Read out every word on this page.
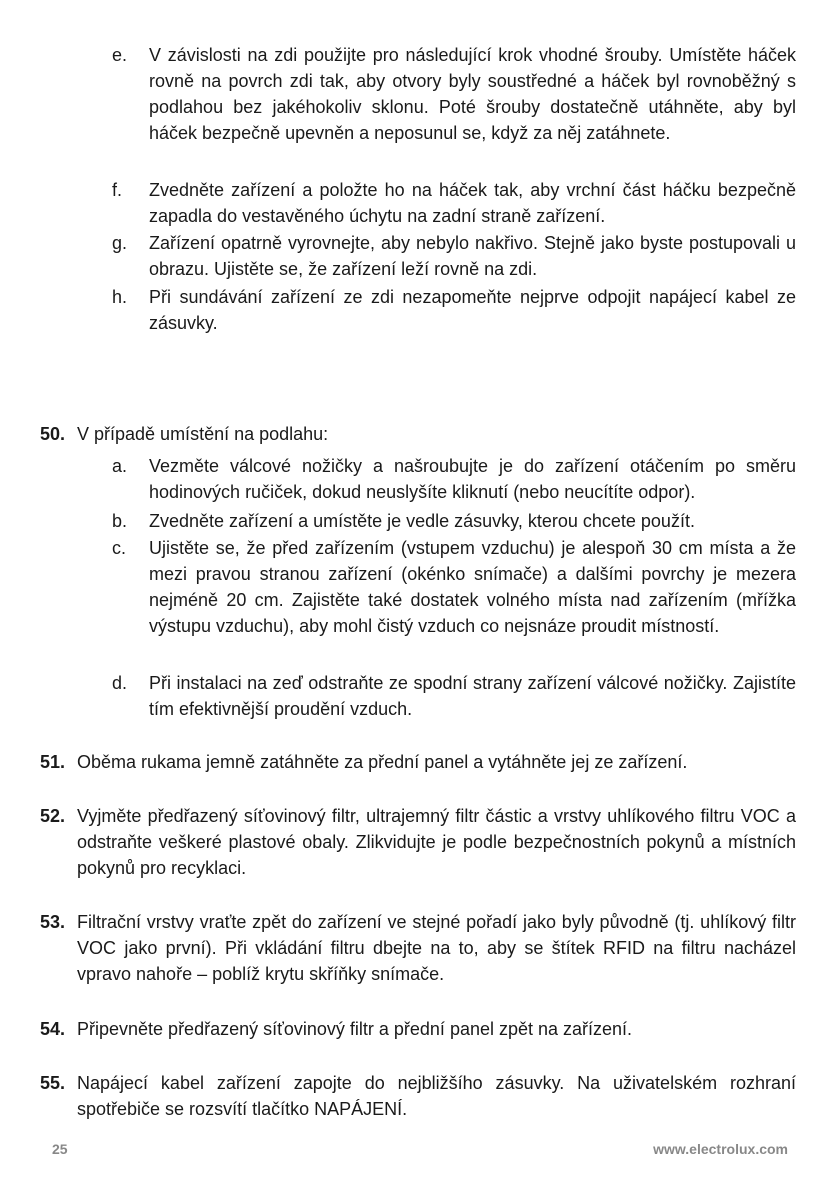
e.	V závislosti na zdi použijte pro následující krok vhodné šrouby. Umístěte háček rovně na povrch zdi tak, aby otvory byly soustředné a háček byl rovnoběžný s podlahou bez jakéhokoliv sklonu. Poté šrouby dostatečně utáhněte, aby byl háček bezpečně upevněn a neposunul se, když za něj zatáhnete.
f.	Zvedněte zařízení a položte ho na háček tak, aby vrchní část háčku bezpečně zapadla do vestavěného úchytu na zadní straně zařízení.
g.	Zařízení opatrně vyrovnejte, aby nebylo nakřivo. Stejně jako byste postupovali u obrazu. Ujistěte se, že zařízení leží rovně na zdi.
h.	Při sundávání zařízení ze zdi nezapomeňte nejprve odpojit napájecí kabel ze zásuvky.
50. V případě umístění na podlahu:
a.	Vezměte válcové nožičky a našroubujte je do zařízení otáčením po směru hodinových ručiček, dokud neuslyšíte kliknutí (nebo neucítíte odpor).
b.	Zvedněte zařízení a umístěte je vedle zásuvky, kterou chcete použít.
c.	Ujistěte se, že před zařízením (vstupem vzduchu) je alespoň 30 cm místa a že mezi pravou stranou zařízení (okénko snímače) a dalšími povrchy je mezera nejméně 20 cm. Zajistěte také dostatek volného místa nad zařízením (mřížka výstupu vzduchu), aby mohl čistý vzduch co nejsnáze proudit místností.
d.	Při instalaci na zeď odstraňte ze spodní strany zařízení válcové nožičky. Zajistíte tím efektivnější proudění vzduch.
51. Oběma rukama jemně zatáhněte za přední panel a vytáhněte jej ze zařízení.
52. Vyjměte předřazený síťovinový filtr, ultrajemný filtr částic a vrstvy uhlíkového filtru VOC a odstraňte veškeré plastové obaly. Zlikvidujte je podle bezpečnostních pokynů a místních pokynů pro recyklaci.
53. Filtrační vrstvy vraťte zpět do zařízení ve stejné pořadí jako byly původně (tj. uhlíkový filtr VOC jako první). Při vkládání filtru dbejte na to, aby se štítek RFID na filtru nacházel vpravo nahoře – poblíž krytu skříňky snímače.
54. Připevněte předřazený síťovinový filtr a přední panel zpět na zařízení.
55. Napájecí kabel zařízení zapojte do nejbližšího zásuvky. Na uživatelském rozhraní spotřebiče se rozsvítí tlačítko NAPÁJENÍ.
25	www.electrolux.com
